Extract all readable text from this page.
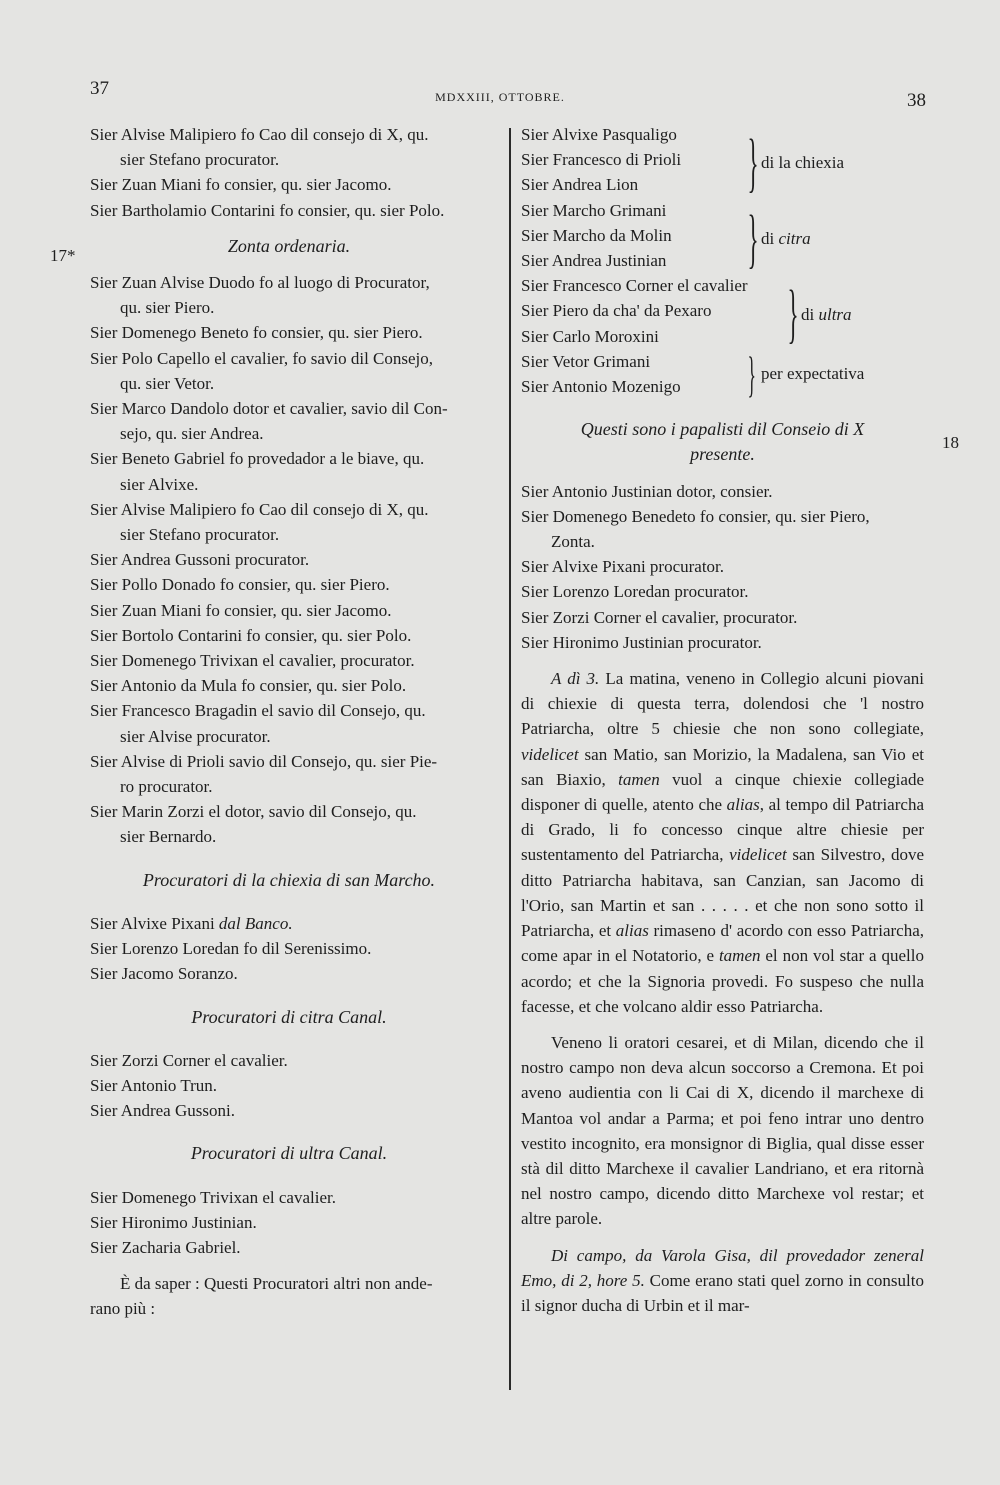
37	MDXXIII, OTTOBRE.	38
17*
18
Sier Alvise Malipiero fo Cao dil consejo di X, qu.
sier Stefano procurator.
Sier Zuan Miani fo consier, qu. sier Jacomo.
Sier Bartholamio Contarini fo consier, qu. sier Polo.
Zonta ordenaria.
Sier Zuan Alvise Duodo fo al luogo di Procurator,
qu. sier Piero.
Sier Domenego Beneto fo consier, qu. sier Piero.
Sier Polo Capello el cavalier, fo savio dil Consejo,
qu. sier Vetor.
Sier Marco Dandolo dotor et cavalier, savio dil Con-
sejo, qu. sier Andrea.
Sier Beneto Gabriel fo provedador a le biave, qu.
sier Alvixe.
Sier Alvise Malipiero fo Cao dil consejo di X, qu.
sier Stefano procurator.
Sier Andrea Gussoni procurator.
Sier Pollo Donado fo consier, qu. sier Piero.
Sier Zuan Miani fo consier, qu. sier Jacomo.
Sier Bortolo Contarini fo consier, qu. sier Polo.
Sier Domenego Trivixan el cavalier, procurator.
Sier Antonio da Mula fo consier, qu. sier Polo.
Sier Francesco Bragadin el savio dil Consejo, qu.
sier Alvise procurator.
Sier Alvise di Prioli savio dil Consejo, qu. sier Pie-
ro procurator.
Sier Marin Zorzi el dotor, savio dil Consejo, qu.
sier Bernardo.
Procuratori di la chiexia di san Marcho.
Sier Alvixe Pixani dal Banco.
Sier Lorenzo Loredan fo dil Serenissimo.
Sier Jacomo Soranzo.
Procuratori di citra Canal.
Sier Zorzi Corner el cavalier.
Sier Antonio Trun.
Sier Andrea Gussoni.
Procuratori di ultra Canal.
Sier Domenego Trivixan el cavalier.
Sier Hironimo Justinian.
Sier Zacharia Gabriel.
È da saper : Questi Procuratori altri non ande-
rano più :
Sier Alvixe Pasqualigo
Sier Francesco di Prioli
Sier Andrea Lion	} di la chiexia
Sier Marcho Grimani
Sier Marcho da Molin
Sier Andrea Justinian	} di citra
Sier Francesco Corner el cavalier
Sier Piero da cha' da Pexaro
Sier Carlo Moroxini	} di ultra
Sier Vetor Grimani
Sier Antonio Mozenigo	} per expectativa
Questi sono i papalisti dil Conseio di X
presente.
Sier Antonio Justinian dotor, consier.
Sier Domenego Benedeto fo consier, qu. sier Piero,
Zonta.
Sier Alvixe Pixani procurator.
Sier Lorenzo Loredan procurator.
Sier Zorzi Corner el cavalier, procurator.
Sier Hironimo Justinian procurator.
A dì 3. La matina, veneno in Collegio alcuni piovani di chiexie di questa terra, dolendosi che 'l nostro Patriarcha, oltre 5 chiesie che non sono collegiate, videlicet san Matio, san Morizio, la Madalena, san Vio et san Biaxio, tamen vuol a cinque chiexie collegiade disponer di quelle, atento che alias, al tempo dil Patriarcha di Grado, li fo concesso cinque altre chiesie per sustentamento del Patriarcha, videlicet san Silvestro, dove ditto Patriarcha habitava, san Canzian, san Jacomo di l'Orio, san Martin et san . . . . . et che non sono sotto il Patriarcha, et alias rimaseno d' acordo con esso Patriarcha, come apar in el Notatorio, e tamen el non vol star a quello acordo; et che la Signoria provedi. Fo suspeso che nulla facesse, et che volcano aldir esso Patriarcha.
Veneno li oratori cesarei, et di Milan, dicendo che il nostro campo non deva alcun soccorso a Cremona. Et poi aveno audientia con li Cai di X, dicendo il marchexe di Mantoa vol andar a Parma; et poi feno intrar uno dentro vestito incognito, era monsignor di Biglia, qual disse esser stà dil ditto Marchexe il cavalier Landriano, et era ritornà nel nostro campo, dicendo ditto Marchexe vol restar; et altre parole.
Di campo, da Varola Gisa, dil provedador zeneral Emo, di 2, hore 5. Come erano stati quel zorno in consulto il signor ducha di Urbin et il mar-
